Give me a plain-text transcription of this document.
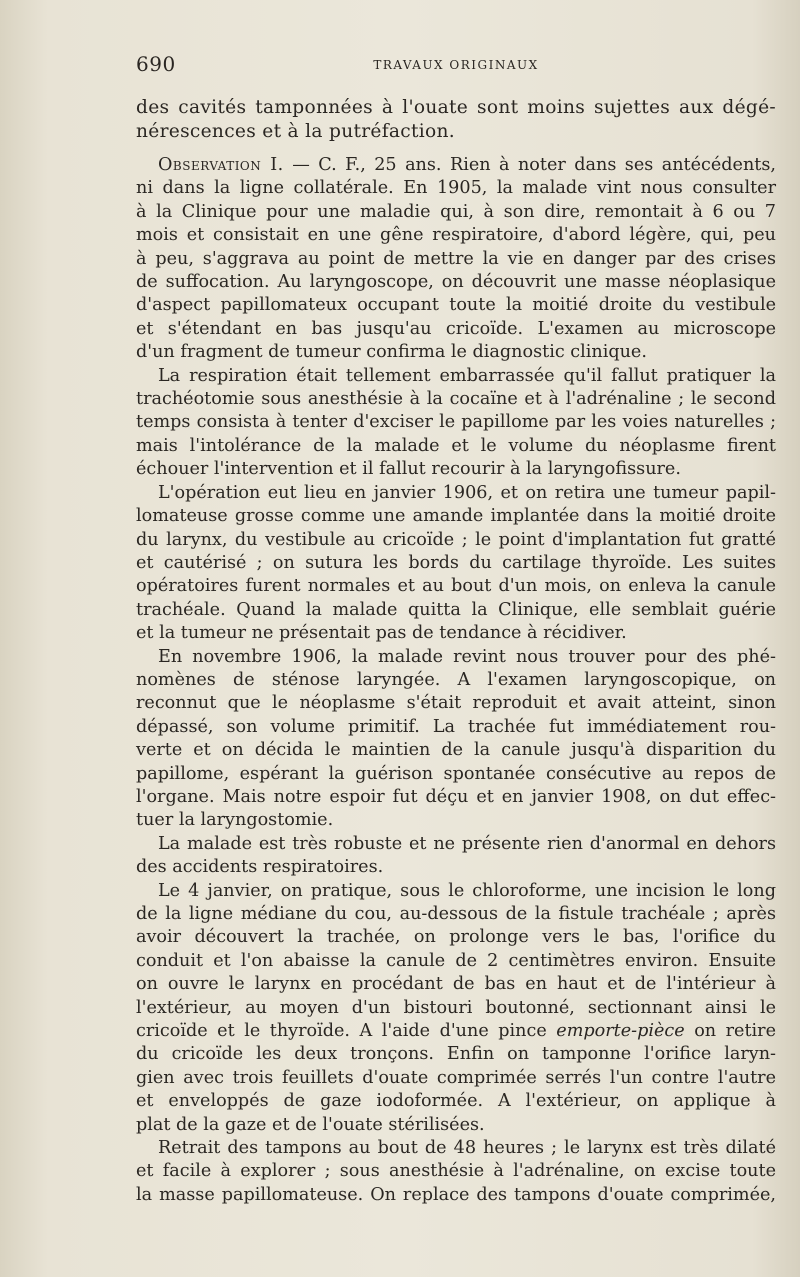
690	TRAVAUX ORIGINAUX

des cavités tamponnées à l'ouate sont moins sujettes aux dégé-

nérescences et à la putréfaction.

Observation I. — C. F., 25 ans. Rien à noter dans ses antécédents,

ni dans la ligne collatérale. En 1905, la malade vint nous consulter

à la Clinique pour une maladie qui, à son dire, remontait à 6 ou 7

mois et consistait en une gêne respiratoire, d'abord légère, qui, peu

à peu, s'aggrava au point de mettre la vie en danger par des crises

de suffocation. Au laryngoscope, on découvrit une masse néoplasique

d'aspect papillomateux occupant toute la moitié droite du vestibule

et s'étendant en bas jusqu'au cricoïde. L'examen au microscope

d'un fragment de tumeur confirma le diagnostic clinique.

La respiration était tellement embarrassée qu'il fallut pratiquer la

trachéotomie sous anesthésie à la cocaïne et à l'adrénaline ; le second

temps consista à tenter d'exciser le papillome par les voies naturelles ;

mais l'intolérance de la malade et le volume du néoplasme firent

échouer l'intervention et il fallut recourir à la laryngofissure.

L'opération eut lieu en janvier 1906, et on retira une tumeur papil-

lomateuse grosse comme une amande implantée dans la moitié droite

du larynx, du vestibule au cricoïde ; le point d'implantation fut gratté

et cautérisé ; on sutura les bords du cartilage thyroïde. Les suites

opératoires furent normales et au bout d'un mois, on enleva la canule

trachéale. Quand la malade quitta la Clinique, elle semblait guérie

et la tumeur ne présentait pas de tendance à récidiver.

En novembre 1906, la malade revint nous trouver pour des phé-

nomènes de sténose laryngée. A l'examen laryngoscopique, on

reconnut que le néoplasme s'était reproduit et avait atteint, sinon

dépassé, son volume primitif. La trachée fut immédiatement rou-

verte et on décida le maintien de la canule jusqu'à disparition du

papillome, espérant la guérison spontanée consécutive au repos de

l'organe. Mais notre espoir fut déçu et en janvier 1908, on dut effec-

tuer la laryngostomie.

La malade est très robuste et ne présente rien d'anormal en dehors

des accidents respiratoires.

Le 4 janvier, on pratique, sous le chloroforme, une incision le long

de la ligne médiane du cou, au-dessous de la fistule trachéale ; après

avoir découvert la trachée, on prolonge vers le bas, l'orifice du

conduit et l'on abaisse la canule de 2 centimètres environ. Ensuite

on ouvre le larynx en procédant de bas en haut et de l'intérieur à

l'extérieur, au moyen d'un bistouri boutonné, sectionnant ainsi le

cricoïde et le thyroïde. A l'aide d'une pince emporte-pièce on retire

du cricoïde les deux tronçons. Enfin on tamponne l'orifice laryn-

gien avec trois feuillets d'ouate comprimée serrés l'un contre l'autre

et enveloppés de gaze iodoformée. A l'extérieur, on applique à

plat de la gaze et de l'ouate stérilisées.

Retrait des tampons au bout de 48 heures ; le larynx est très dilaté

et facile à explorer ; sous anesthésie à l'adrénaline, on excise toute

la masse papillomateuse. On replace des tampons d'ouate comprimée,
